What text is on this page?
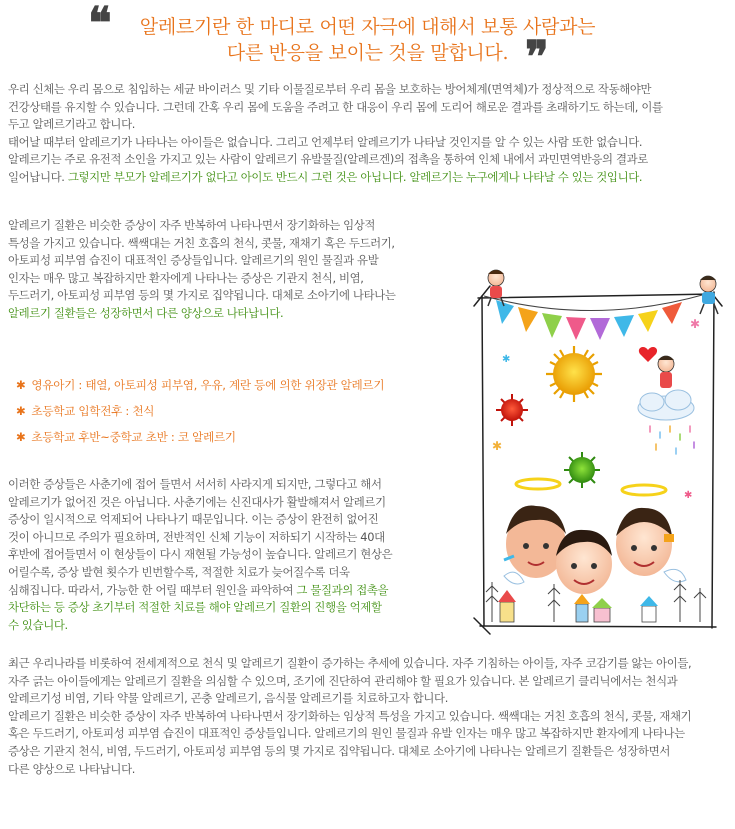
알레르기란 한 마디로 어떤 자극에 대해서 보통 사람과는
다른 반응을 보이는 것을 말합니다.
❝
❞
우리 신체는 우리 몸으로 침입하는 세균 바이러스 및 기타 이물질로부터 우리 몸을 보호하는 방어체계(면역체)가 정상적으로 작동해야만
건강상태를 유지할 수 있습니다. 그런데 간혹 우리 몸에 도움을 주려고 한 대응이 우리 몸에 도리어 해로운 결과를 초래하기도 하는데, 이를
두고 알레르기라고 합니다.
태어날 때부터 알레르기가 나타나는 아이들은 없습니다. 그리고 언제부터 알레르기가 나타날 것인지를 알 수 있는 사람 또한 없습니다.
알레르기는 주로 유전적 소인을 가지고 있는 사람이 알레르기 유발물질(알레르겐)의 접촉을 통하여 인체 내에서 과민면역반응의 결과로
일어납니다. 그렇지만 부모가 알레르기가 없다고 아이도 반드시 그런 것은 아닙니다. 알레르기는 누구에게나 나타날 수 있는 것입니다.
알레르기 질환은 비슷한 증상이 자주 반복하여 나타나면서 장기화하는 임상적
특성을 가지고 있습니다. 쌕쌕대는 거친 호흡의 천식, 콧물, 재채기 혹은 두드러기,
아토피성 피부염 습진이 대표적인 증상들입니다. 알레르기의 원인 물질과 유발
인자는 매우 많고 복잡하지만 환자에게 나타나는 증상은 기관지 천식, 비염,
두드러기, 아토피성 피부염 등의 몇 가지로 집약됩니다. 대체로 소아기에 나타나는
알레르기 질환들은 성장하면서 다른 양상으로 나타납니다.
✱ 영유아기 : 태열, 아토피성 피부염, 우유, 계란 등에 의한 위장관 알레르기
✱ 초등학교 입학전후 : 천식
✱ 초등학교 후반~중학교 초반 : 코 알레르기
이러한 증상들은 사춘기에 접어 들면서 서서히 사라지게 되지만, 그렇다고 해서
알레르기가 없어진 것은 아닙니다. 사춘기에는 신진대사가 활발해져서 알레르기
증상이 일시적으로 억제되어 나타나기 때문입니다. 이는 증상이 완전히 없어진
것이 아니므로 주의가 필요하며, 전반적인 신체 기능이 저하되기 시작하는 40대
후반에 접어들면서 이 현상들이 다시 재현될 가능성이 높습니다. 알레르기 현상은
어릴수록, 증상 발현 횟수가 빈번할수록, 적절한 치료가 늦어질수록 더욱
심해집니다. 따라서, 가능한 한 어릴 때부터 원인을 파악하여 그 물질과의 접촉을
차단하는 등 증상 초기부터 적절한 치료를 해야 알레르기 질환의 진행을 억제할
수 있습니다.
최근 우리나라를 비롯하여 전세계적으로 천식 및 알레르기 질환이 증가하는 추세에 있습니다. 자주 기침하는 아이들, 자주 코감기를 앓는 아이들,
자주 긁는 아이들에게는 알레르기 질환을 의심할 수 있으며, 조기에 진단하여 관리해야 할 필요가 있습니다. 본 알레르기 클리닉에서는 천식과
알레르기성 비염, 기타 약물 알레르기, 곤충 알레르기, 음식물 알레르기를 치료하고자 합니다.
알레르기 질환은 비슷한 증상이 자주 반복하여 나타나면서 장기화하는 임상적 특성을 가지고 있습니다. 쌕쌕대는 거친 호흡의 천식, 콧물, 재채기
혹은 두드러기, 아토피성 피부염 습진이 대표적인 증상들입니다. 알레르기의 원인 물질과 유발 인자는 매우 많고 복잡하지만 환자에게 나타나는
증상은 기관지 천식, 비염, 두드러기, 아토피성 피부염 등의 몇 가지로 집약됩니다. 대체로 소아기에 나타나는 알레르기 질환들은 성장하면서
다른 양상으로 나타납니다.
✱
✱
✱
✱
